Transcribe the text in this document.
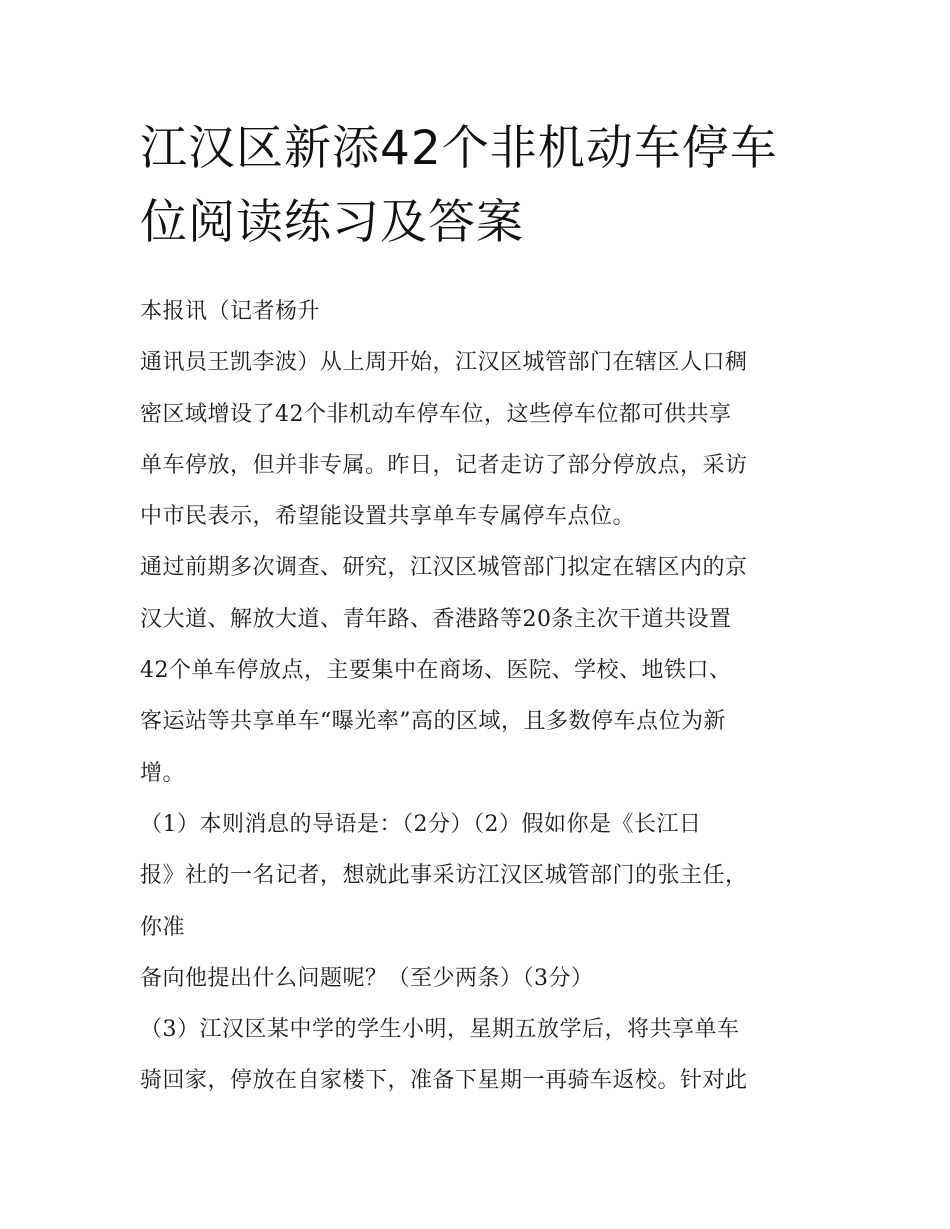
江汉区新添42个非机动车停车
位阅读练习及答案
本报讯（记者杨升
通讯员王凯李波）从上周开始，江汉区城管部门在辖区人口稠
密区域增设了42个非机动车停车位，这些停车位都可供共享
单车停放，但并非专属。昨日，记者走访了部分停放点，采访
中市民表示，希望能设置共享单车专属停车点位。
通过前期多次调查、研究，江汉区城管部门拟定在辖区内的京
汉大道、解放大道、青年路、香港路等20条主次干道共设置
42个单车停放点，主要集中在商场、医院、学校、地铁口、
客运站等共享单车“曝光率”高的区域，且多数停车点位为新
增。
（1）本则消息的导语是：（2分）（2）假如你是《长江日
报》社的一名记者，想就此事采访江汉区城管部门的张主任，
你准
备向他提出什么问题呢？（至少两条）（3分）
（3）江汉区某中学的学生小明，星期五放学后，将共享单车
骑回家，停放在自家楼下，准备下星期一再骑车返校。针对此
